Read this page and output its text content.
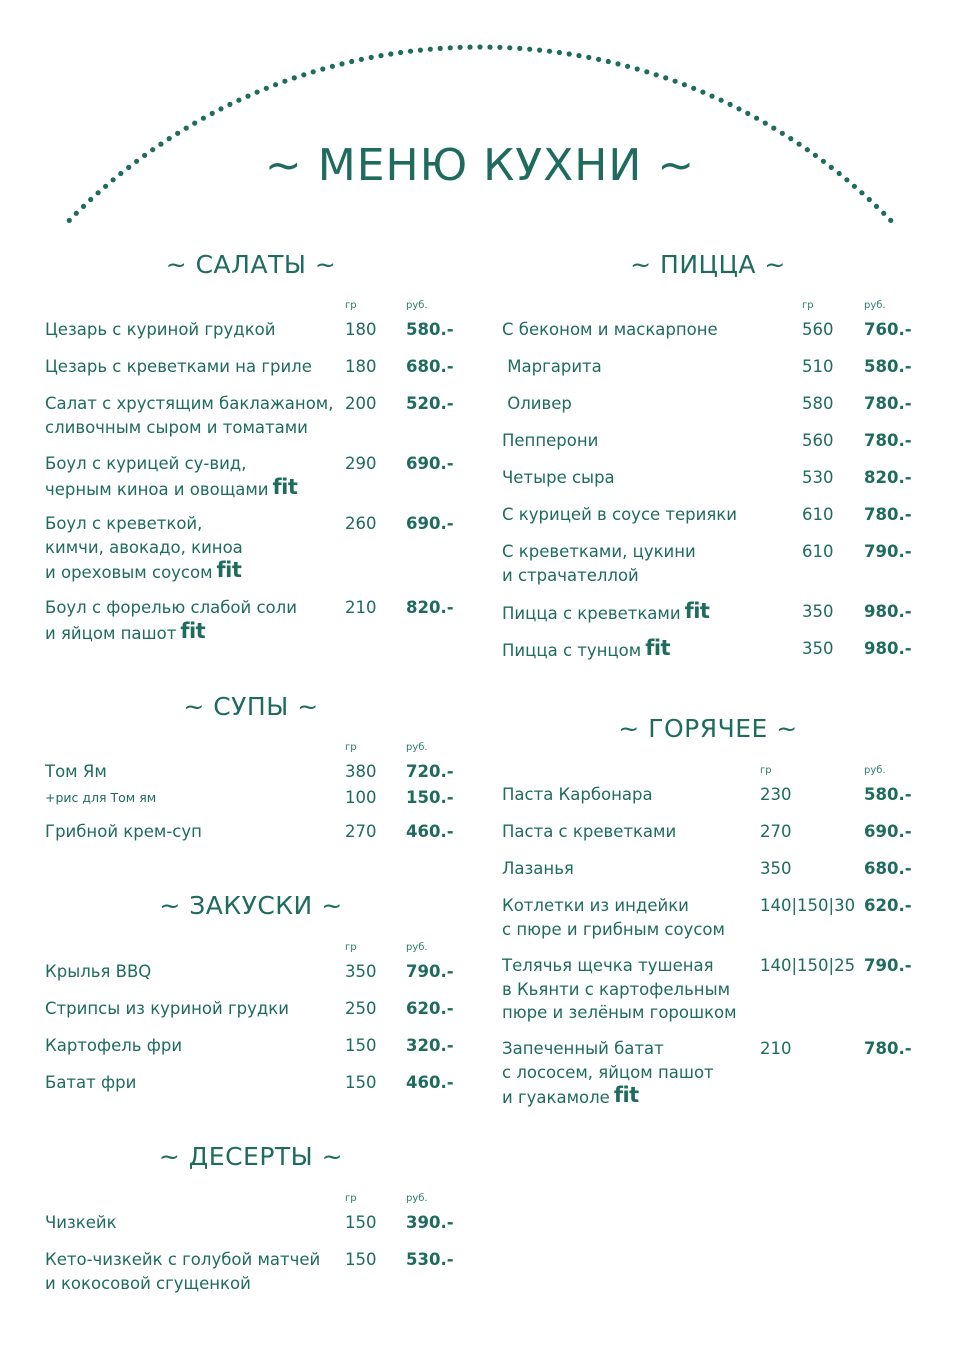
~ МЕНЮ КУХНИ ~
~ САЛАТЫ ~
гр	руб.
Цезарь с куриной грудкой	180 580.-
Цезарь с креветками на гриле 180 680.-
Салат с хрустящим баклажаном,
сливочным сыром и томатами
200 520.-
Боул с курицей су-вид,
черным киноа и овощами fit
290 690.-
Боул с креветкой,
кимчи, авокадо, киноа
и ореховым соусом fit
260 690.-
Боул с форелью слабой соли
и яйцом пашот fit
210 820.-
~ СУПЫ ~
гр	руб.
Том Ям	380 720.-
+рис для Том ям	100 150.-
Грибной крем-суп	270 460.-
~ ЗАКУСКИ ~
гр	руб.
Крылья BBQ	350 790.-
Стрипсы из куриной грудки	250 620.-
Картофель фри	150 320.-
Батат фри	150 460.-
~ ДЕСЕРТЫ ~
гр	руб.
Чизкейк	150 390.-
Кето-чизкейк с голубой матчей
и кокосовой сгущенкой
150 530.-
~ ПИЦЦА ~
гр	руб.
С беконом и маскарпоне	560 760.-
Маргарита	510 580.-
Оливер	580 780.-
Пепперони	560 780.-
Четыре сыра	530 820.-
С курицей в соусе терияки	610 780.-
С креветками, цукини
и страчателлой
610 790.-
Пицца с креветками fit	350 980.-
Пицца с тунцом fit	350 980.-
~ ГОРЯЧЕЕ ~
гр	руб.
Паста Карбонара	230	580.-
Паста с креветками	270	690.-
Лазанья	350	680.-
Котлетки из индейки
с пюре и грибным соусом
140|150|30 620.-
Телячья щечка тушеная
в Кьянти с картофельным
пюре и зелёным горошком
140|150|25 790.-
Запеченный батат
с лососем, яйцом пашот
и гуакамоле fit
210	780.-
